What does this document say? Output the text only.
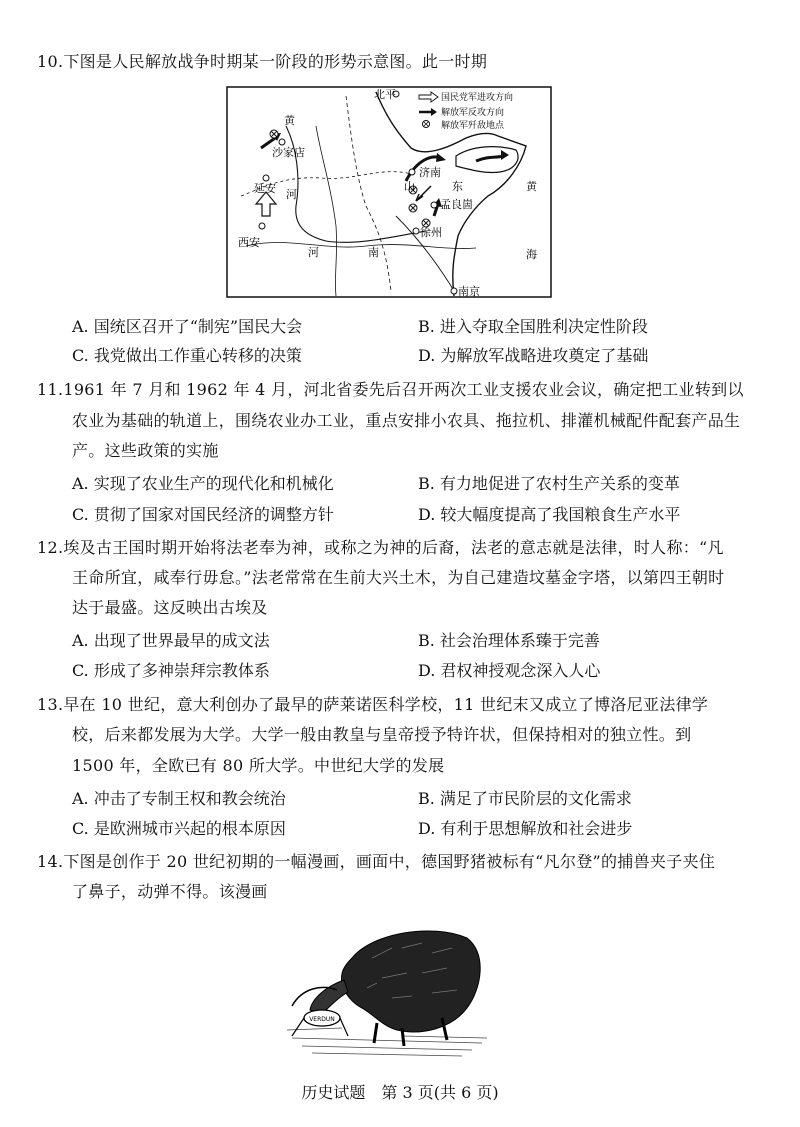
10.下图是人民解放战争时期某一阶段的形势示意图。此一时期
国民党军进攻方向
解放军反攻方向
解放军歼敌地点
北平
黄
沙家店
延安 河
山
济南
东	黄
孟良崮
海
西安
河	南
徐州
南京
A. 国统区召开了“制宪”国民大会	B. 进入夺取全国胜利决定性阶段
C. 我党做出工作重心转移的决策	D. 为解放军战略进攻奠定了基础
11.1961 年 7 月和 1962 年 4 月，河北省委先后召开两次工业支援农业会议，确定把工业转到以
农业为基础的轨道上，围绕农业办工业，重点安排小农具、拖拉机、排灌机械配件配套产品生
产。这些政策的实施
A. 实现了农业生产的现代化和机械化	B. 有力地促进了农村生产关系的变革
C. 贯彻了国家对国民经济的调整方针	D. 较大幅度提高了我国粮食生产水平
12.埃及古王国时期开始将法老奉为神，或称之为神的后裔，法老的意志就是法律，时人称：“凡
王命所宜，咸奉行毋怠。”法老常常在生前大兴土木，为自己建造坟墓金字塔，以第四王朝时
达于最盛。这反映出古埃及
A. 出现了世界最早的成文法	B. 社会治理体系臻于完善
C. 形成了多神崇拜宗教体系	D. 君权神授观念深入人心
13.早在 10 世纪，意大利创办了最早的萨莱诺医科学校，11 世纪末又成立了博洛尼亚法律学
校，后来都发展为大学。大学一般由教皇与皇帝授予特许状，但保持相对的独立性。到
1500 年，全欧已有 80 所大学。中世纪大学的发展
A. 冲击了专制王权和教会统治	B. 满足了市民阶层的文化需求
C. 是欧洲城市兴起的根本原因	D. 有利于思想解放和社会进步
14.下图是创作于 20 世纪初期的一幅漫画，画面中，德国野猪被标有“凡尔登”的捕兽夹子夹住
了鼻子，动弹不得。该漫画
VERDUN
历史试题　第 3 页(共 6 页)
